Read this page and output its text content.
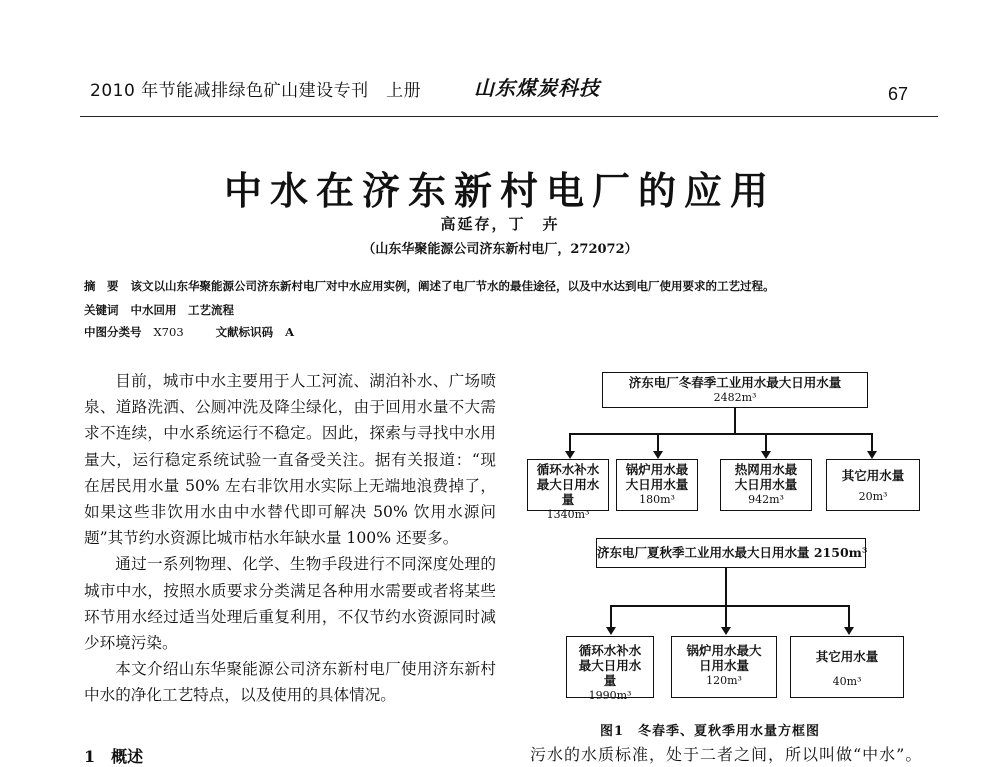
2010 年节能减排绿色矿山建设专刊　上册	山东煤炭科技	67
中水在济东新村电厂的应用
高延存，丁　卉
（山东华聚能源公司济东新村电厂，272072）
摘　要 该文以山东华聚能源公司济东新村电厂对中水应用实例，阐述了电厂节水的最佳途径，以及中水达到电厂使用要求的工艺过程。
关键词 中水回用　工艺流程
中图分类号 X703	文献标识码 A

目前，城市中水主要用于人工河流、湖泊补水、广场喷泉、道路洗洒、公厕冲洗及降尘绿化，由于回用水量不大需求不连续，中水系统运行不稳定。因此，探索与寻找中水用量大，运行稳定系统试验一直备受关注。据有关报道：“现在居民用水量 50% 左右非饮用水实际上无端地浪费掉了，如果这些非饮用水由中水替代即可解决 50% 饮用水源问题”其节约水资源比城市枯水年缺水量 100% 还要多。

通过一系列物理、化学、生物手段进行不同深度处理的城市中水，按照水质要求分类满足各种用水需要或者将某些环节用水经过适当处理后重复利用，不仅节约水资源同时减少环境污染。

本文介绍山东华聚能源公司济东新村电厂使用济东新村中水的净化工艺特点，以及使用的具体情况。

1　概述
济东电厂冬春季工业用水最大日用水量
2482m³
循环水补水最大日用水量
1340m³
锅炉用水最大日用水量
180m³
热网用水最大日用水量
942m³
其它用水量
20m³
济东电厂夏秋季工业用水最大日用水量 2150m³
循环水补水最大日用水量
1990m³
锅炉用水最大日用水量
120m³
其它用水量
40m³
图1　冬春季、夏秋季用水量方框图
污水的水质标准，处于二者之间，所以叫做“中水”。
